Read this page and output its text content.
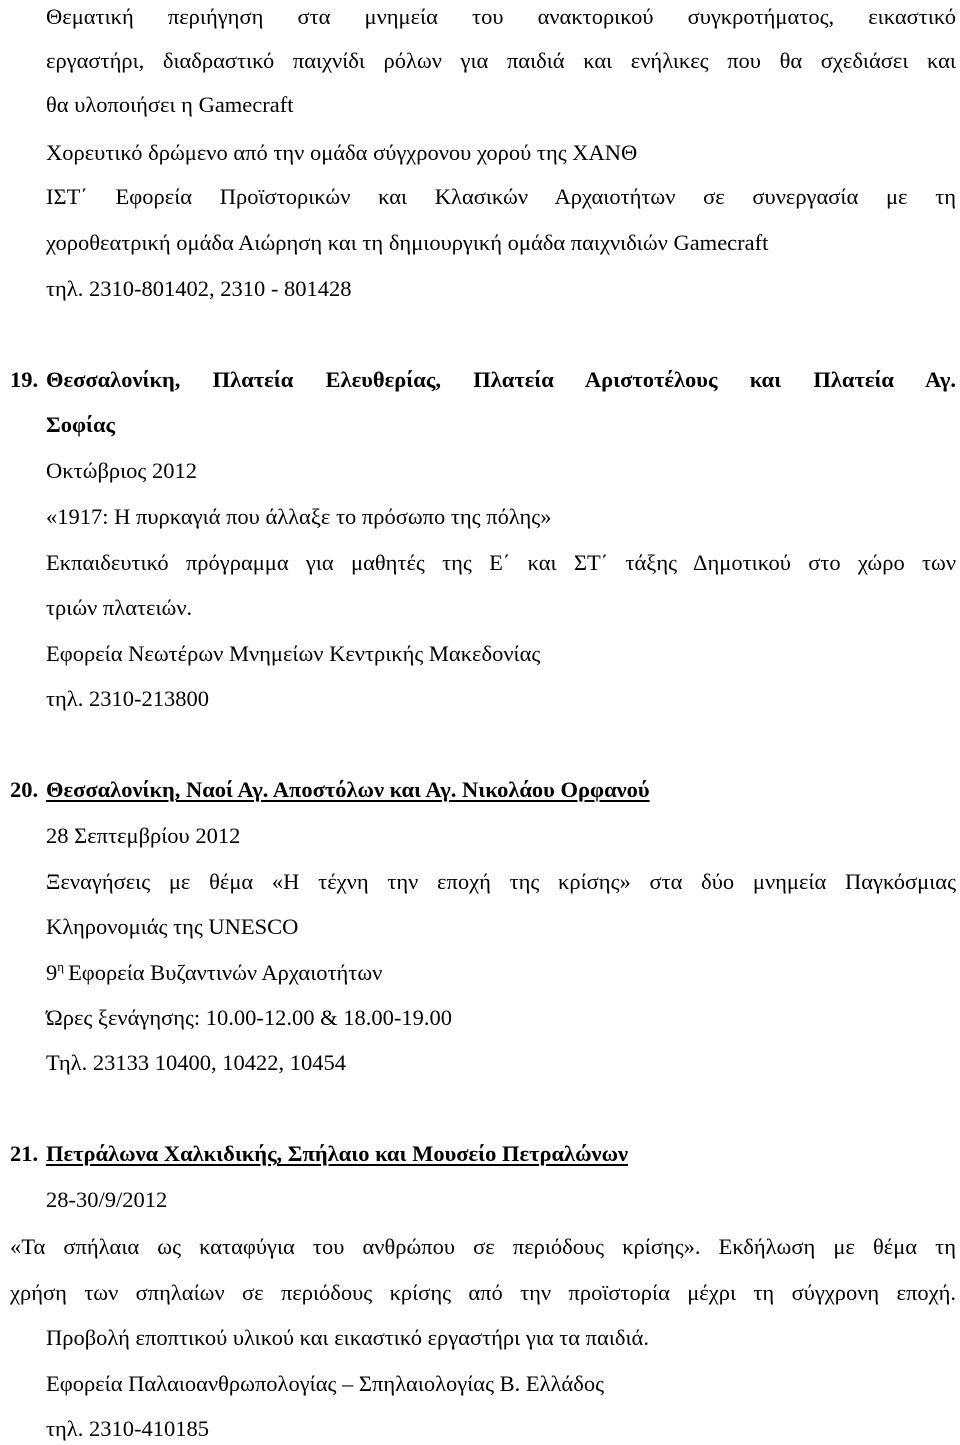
Θεματική περιήγηση στα μνημεία του ανακτορικού συγκροτήματος, εικαστικό
εργαστήρι, διαδραστικό παιχνίδι ρόλων για παιδιά και ενήλικες που θα σχεδιάσει και
θα υλοποιήσει η Gamecraft
Χορευτικό δρώμενο από την ομάδα σύγχρονου χορού της ΧΑΝΘ
ΙΣΤ΄ Εφορεία Προϊστορικών και Κλασικών Αρχαιοτήτων σε συνεργασία με τη
χοροθεατρική ομάδα Αιώρηση και τη δημιουργική ομάδα παιχνιδιών Gamecraft
τηλ. 2310-801402, 2310 - 801428
19. Θεσσαλονίκη, Πλατεία Ελευθερίας, Πλατεία Αριστοτέλους και Πλατεία Αγ.
Σοφίας
Οκτώβριος 2012
«1917: Η πυρκαγιά που άλλαξε το πρόσωπο της πόλης»
Εκπαιδευτικό πρόγραμμα για μαθητές της Ε΄ και ΣΤ΄ τάξης Δημοτικού στο χώρο των
τριών πλατειών.
Εφορεία Νεωτέρων Μνημείων Κεντρικής Μακεδονίας
τηλ. 2310-213800
20. Θεσσαλονίκη, Ναοί Αγ. Αποστόλων και Αγ. Νικολάου Ορφανού
28 Σεπτεμβρίου 2012
Ξεναγήσεις με θέμα «Η τέχνη την εποχή της κρίσης» στα δύο μνημεία Παγκόσμιας
Κληρονομιάς της UNESCO
$9^\eta$ Εφορεία Βυζαντινών Αρχαιοτήτων
Ώρες ξενάγησης: 10.00-12.00 & 18.00-19.00
Τηλ. 23133 10400, 10422, 10454
21. Πετράλωνα Χαλκιδικής, Σπήλαιο και Μουσείο Πετραλώνων
28-30/9/2012
«Τα σπήλαια ως καταφύγια του ανθρώπου σε περιόδους κρίσης». Εκδήλωση με θέμα τη
χρήση των σπηλαίων σε περιόδους κρίσης από την προϊστορία μέχρι τη σύγχρονη εποχή.
Προβολή εποπτικού υλικού και εικαστικό εργαστήρι για τα παιδιά.
Εφορεία Παλαιοανθρωπολογίας – Σπηλαιολογίας Β. Ελλάδος
τηλ. 2310-410185
